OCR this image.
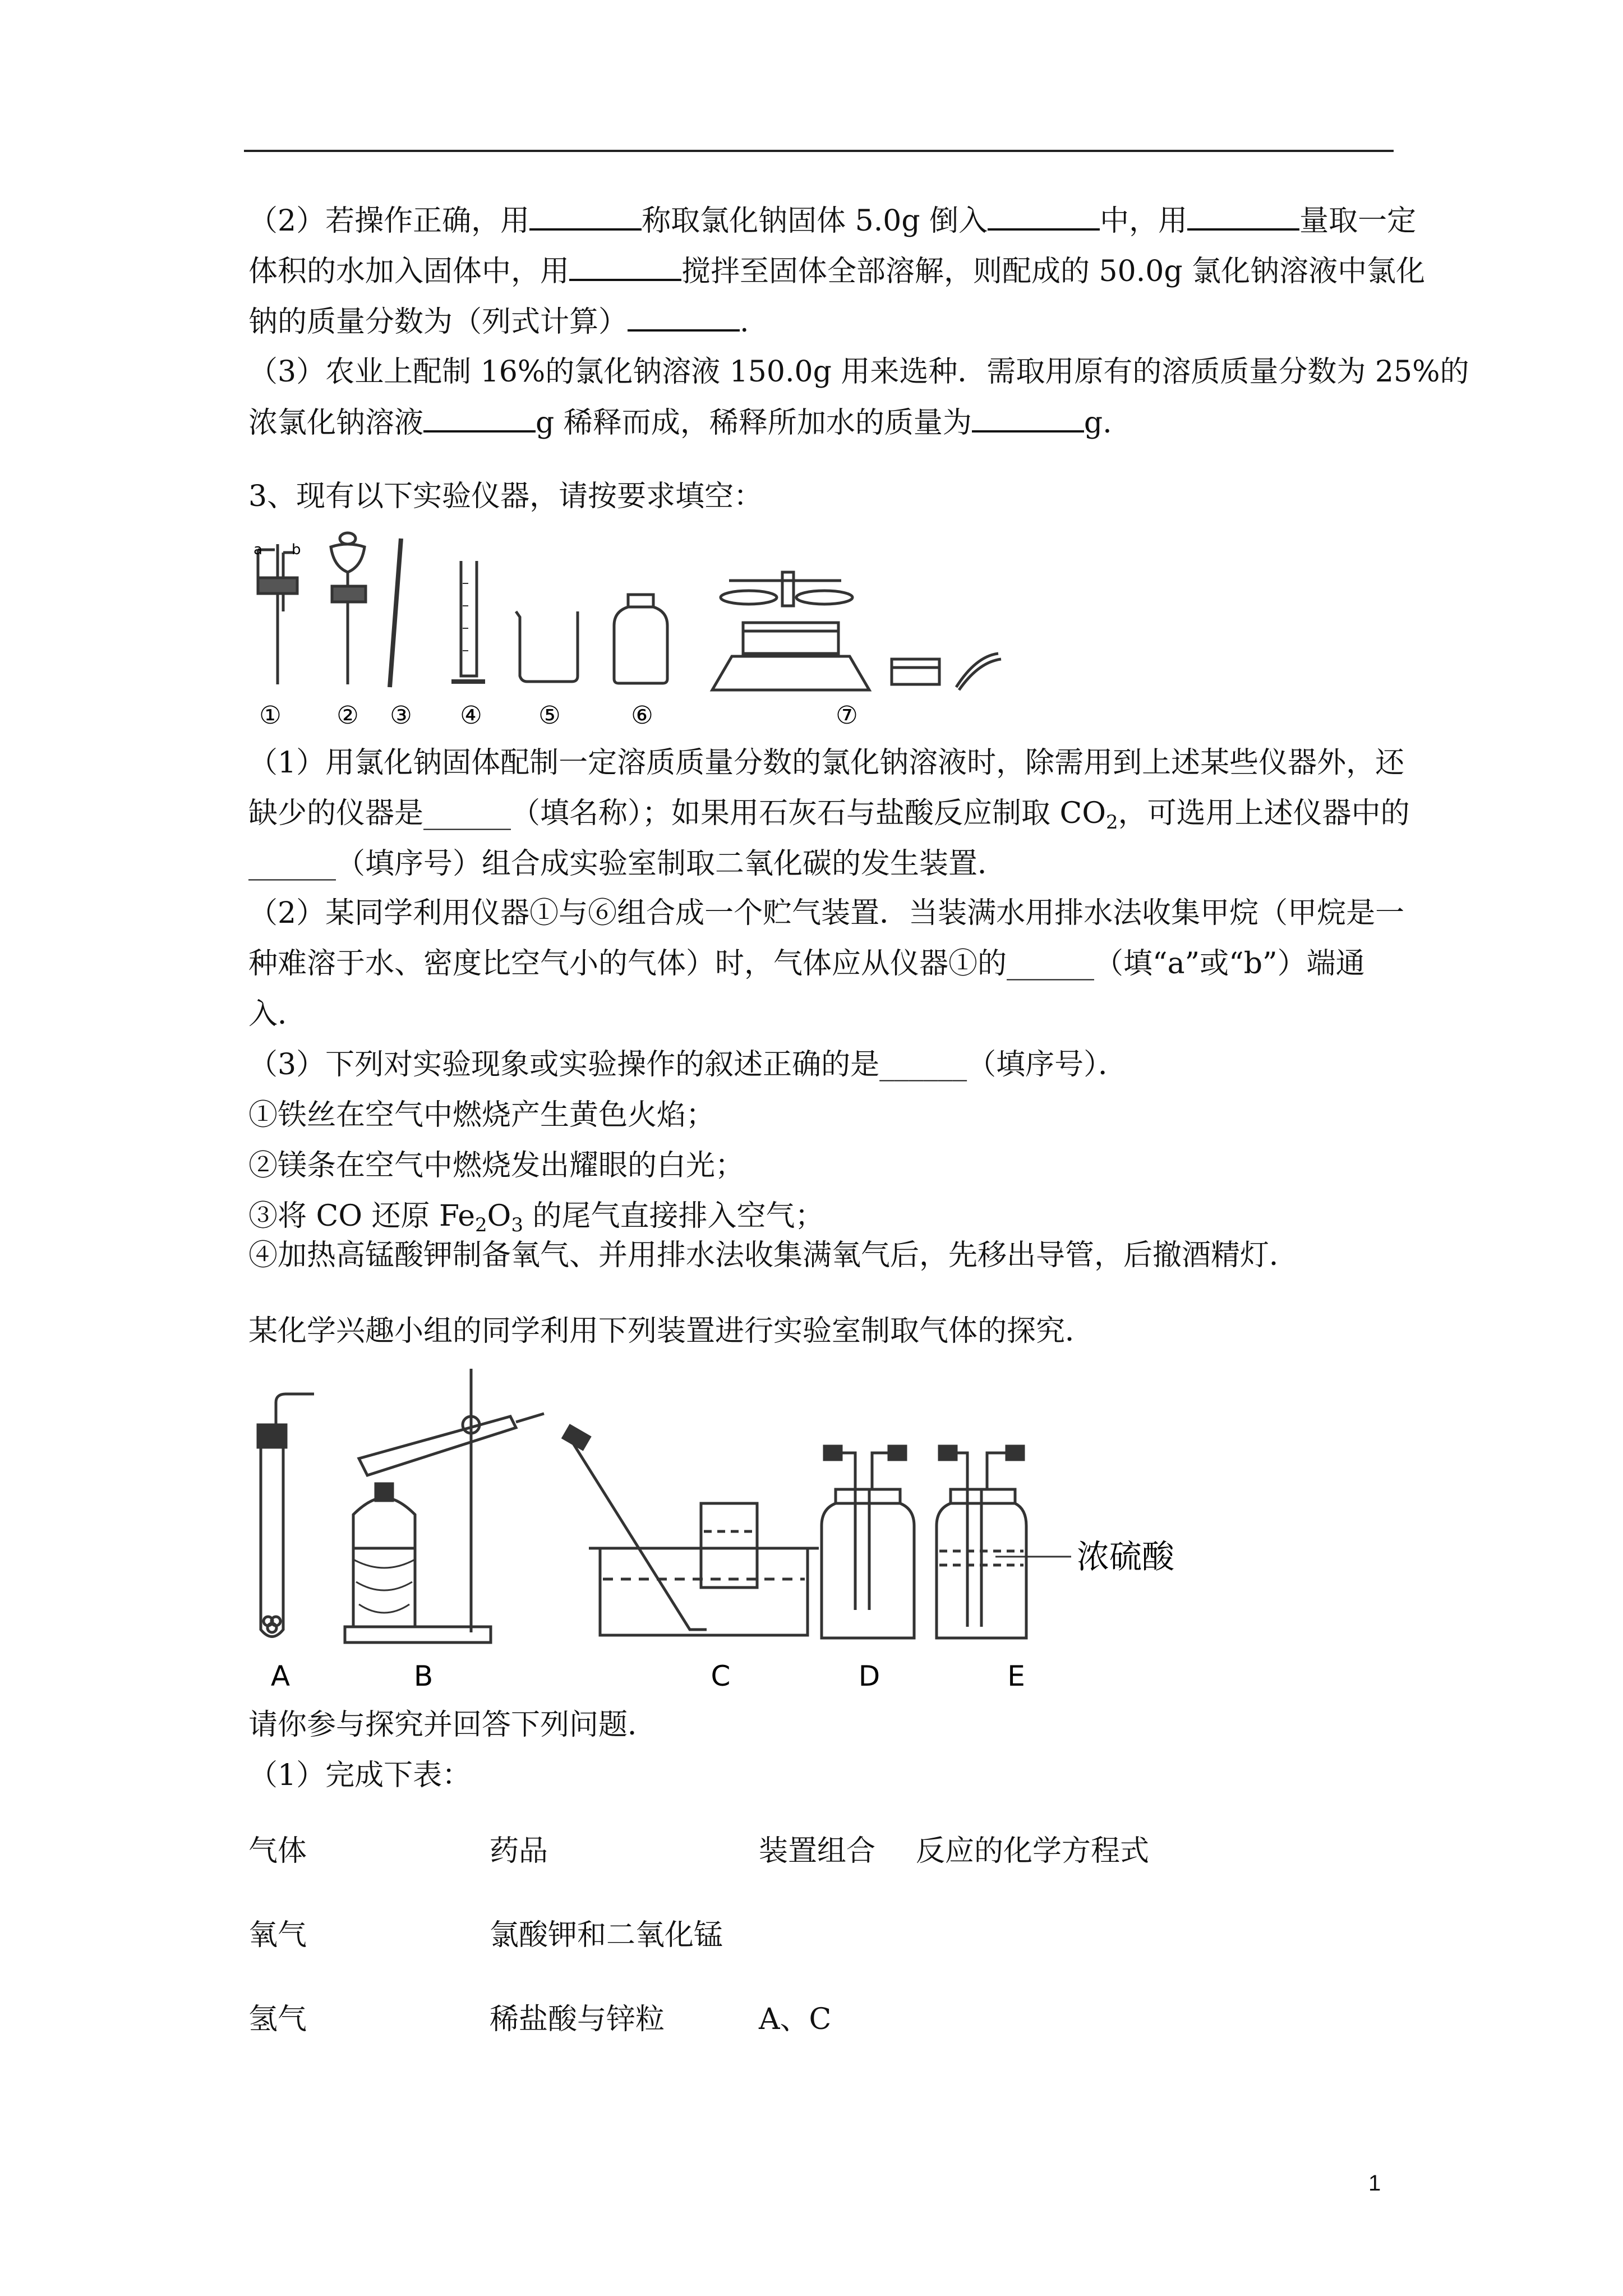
（2）若操作正确，用	称取氯化钠固体 5.0g 倒入	中，用	量取一定
体积的水加入固体中，用	搅拌至固体全部溶解，则配成的 50.0g 氯化钠溶液中氯化
钠的质量分数为（列式计算）	.
（3）农业上配制 16%的氯化钠溶液 150.0g 用来选种．需取用原有的溶质质量分数为 25%的
浓氯化钠溶液	g 稀释而成，稀释所加水的质量为	g.
3、现有以下实验仪器，请按要求填空：
a b
① ② ③ ④ ⑤	⑥	⑦
（1）用氯化钠固体配制一定溶质质量分数的氯化钠溶液时，除需用到上述某些仪器外，还
缺少的仪器是______（填名称）；如果用石灰石与盐酸反应制取 $CO_2$，可选用上述仪器中的
______（填序号）组合成实验室制取二氧化碳的发生装置．
（2）某同学利用仪器①与⑥组合成一个贮气装置．当装满水用排水法收集甲烷（甲烷是一
种难溶于水、密度比空气小的气体）时，气体应从仪器①的______（填“a”或“b”）端通
入．
（3）下列对实验现象或实验操作的叙述正确的是______（填序号）．
①铁丝在空气中燃烧产生黄色火焰；
②镁条在空气中燃烧发出耀眼的白光；
③将 CO 还原 $Fe_2O_3$ 的尾气直接排入空气；
④加热高锰酸钾制备氧气、并用排水法收集满氧气后，先移出导管，后撤酒精灯．
某化学兴趣小组的同学利用下列装置进行实验室制取气体的探究．
浓硫酸
A	B	C	D	E
请你参与探究并回答下列问题．
（1）完成下表：
气体	药品	装置组合 反应的化学方程式
氧气	氯酸钾和二氧化锰
氢气	稀盐酸与锌粒	A、C
1
